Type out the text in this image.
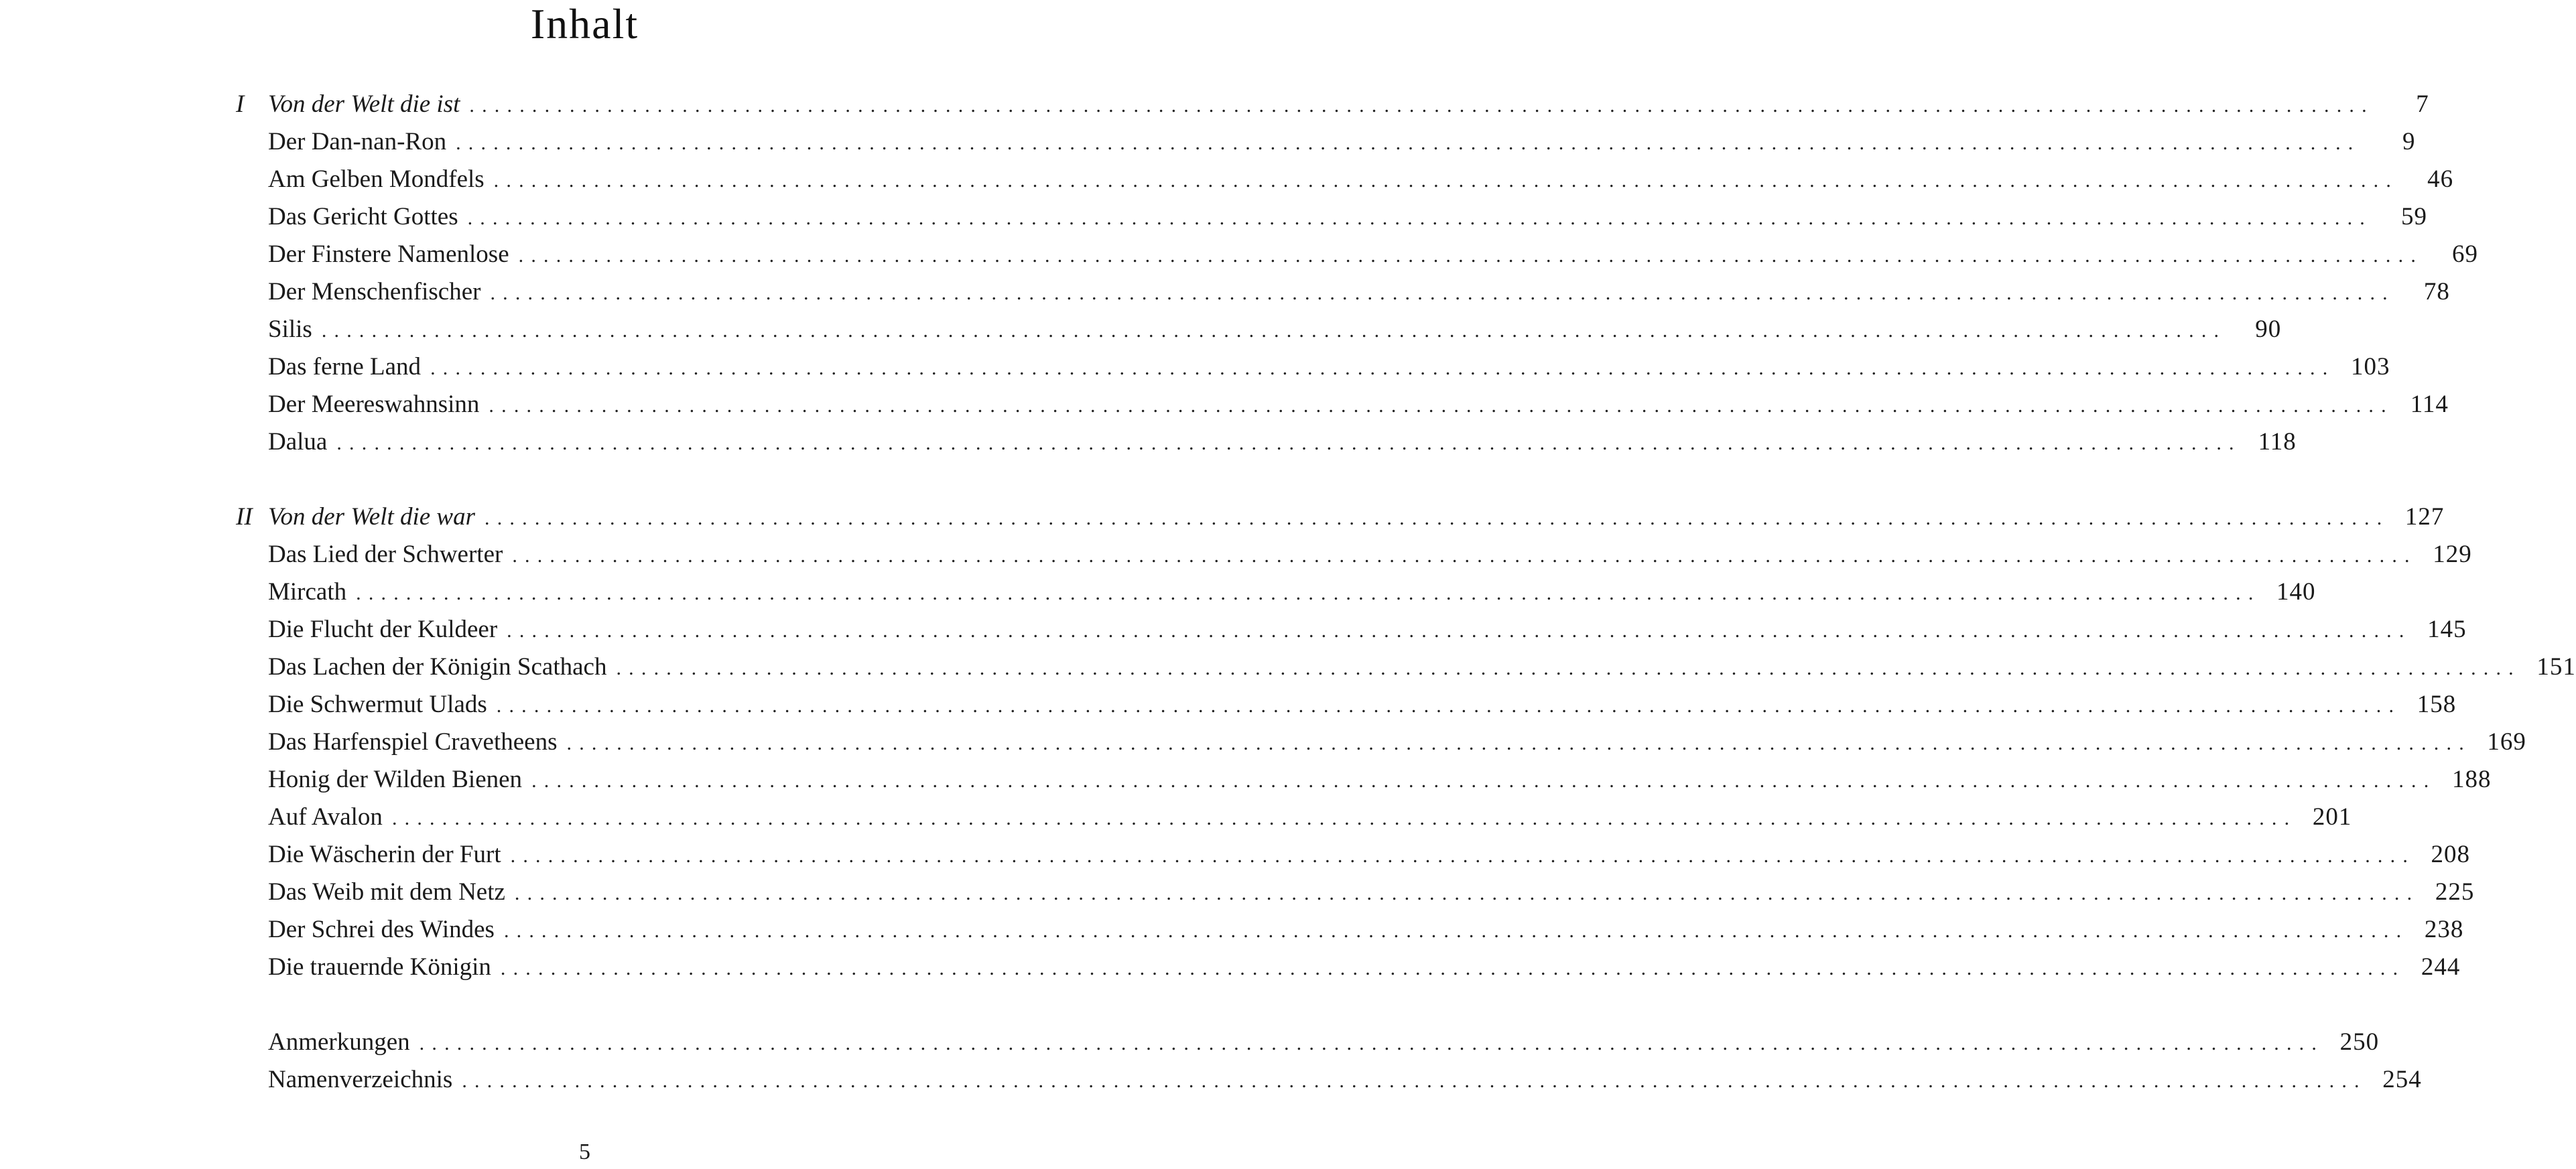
Inhalt
I Von der Welt die ist ........................................................................................................................................................	7
Der Dan-nan-Ron ........................................................................................................................................................	9
Am Gelben Mondfels ........................................................................................................................................................	46
Das Gericht Gottes ........................................................................................................................................................	59
Der Finstere Namenlose ........................................................................................................................................................	69
Der Menschenfischer ........................................................................................................................................................	78
Silis ........................................................................................................................................................	90
Das ferne Land ........................................................................................................................................................ 103
Der Meereswahnsinn ........................................................................................................................................................ 114
Dalua ........................................................................................................................................................ 118
II Von der Welt die war ........................................................................................................................................................ 127
Das Lied der Schwerter ........................................................................................................................................................ 129
Mircath ........................................................................................................................................................ 140
Die Flucht der Kuldeer ........................................................................................................................................................ 145
Das Lachen der Königin Scathach ........................................................................................................................................................ 151
Die Schwermut Ulads ........................................................................................................................................................ 158
Das Harfenspiel Cravetheens ........................................................................................................................................................ 169
Honig der Wilden Bienen ........................................................................................................................................................ 188
Auf Avalon ........................................................................................................................................................ 201
Die Wäscherin der Furt ........................................................................................................................................................ 208
Das Weib mit dem Netz ........................................................................................................................................................ 225
Der Schrei des Windes ........................................................................................................................................................ 238
Die trauernde Königin ........................................................................................................................................................ 244
Anmerkungen ........................................................................................................................................................ 250
Namenverzeichnis ........................................................................................................................................................ 254
5
